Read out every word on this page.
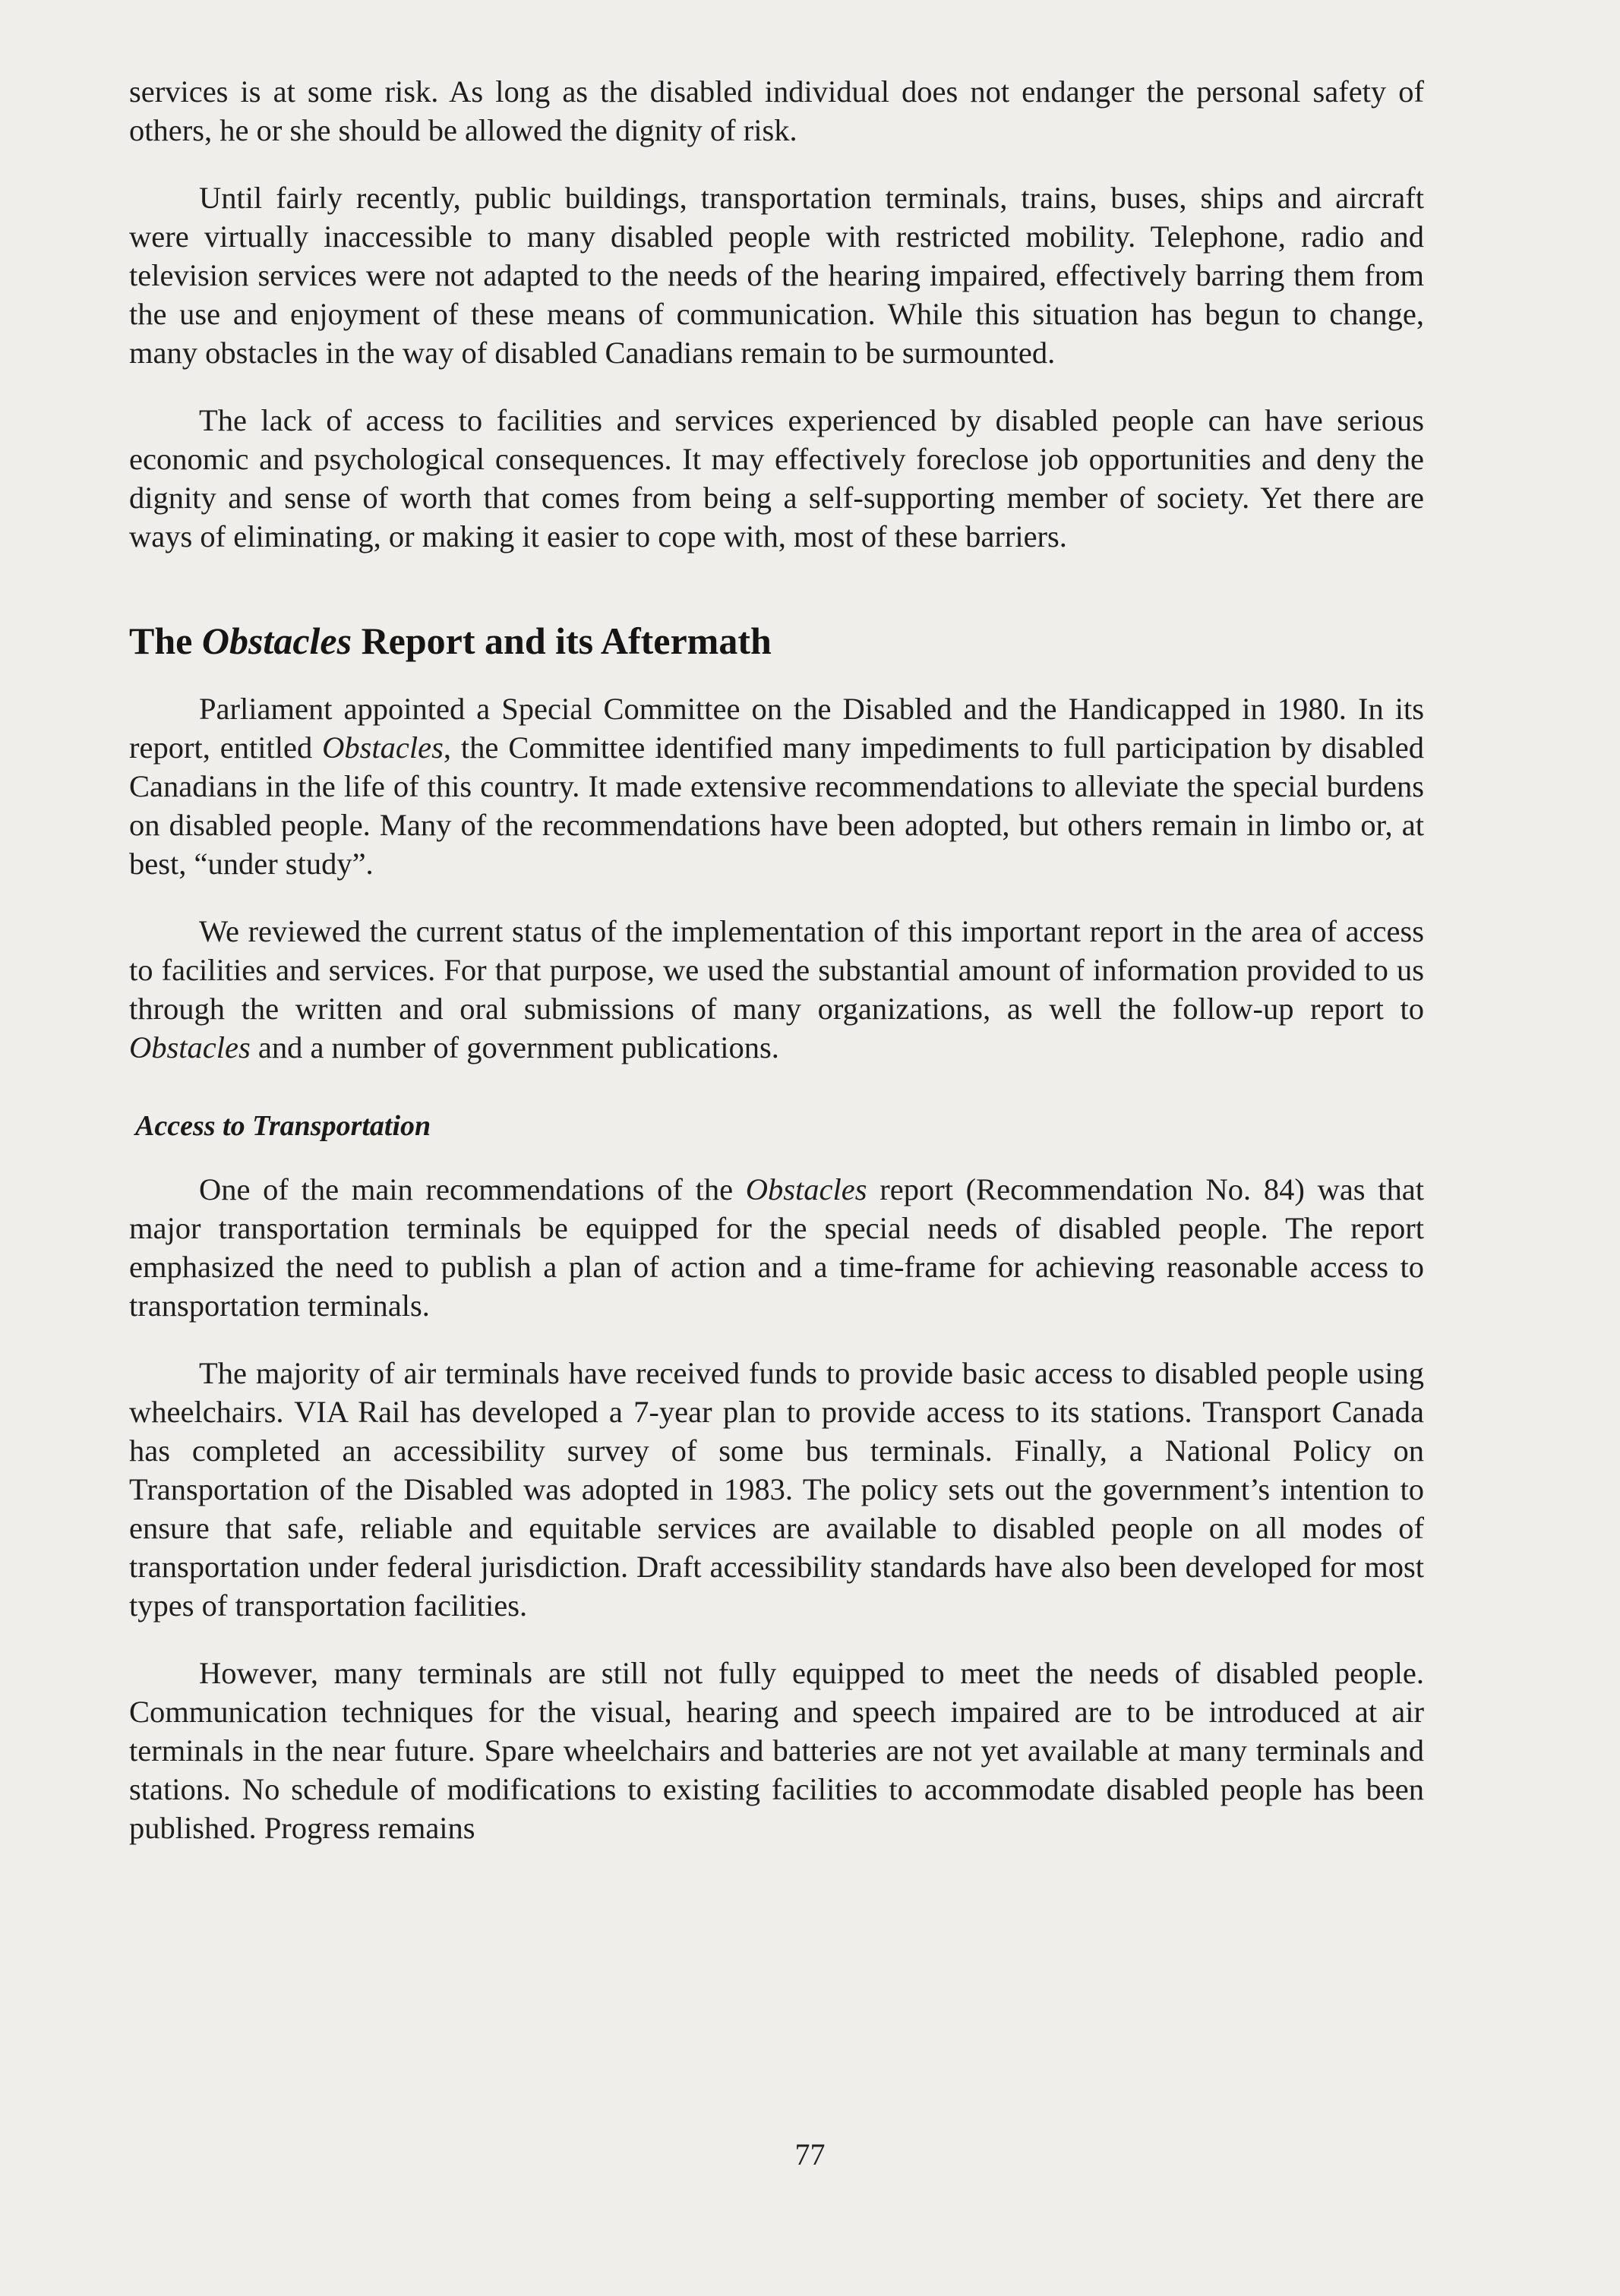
services is at some risk. As long as the disabled individual does not endanger the personal safety of others, he or she should be allowed the dignity of risk.

Until fairly recently, public buildings, transportation terminals, trains, buses, ships and aircraft were virtually inaccessible to many disabled people with restricted mobility. Telephone, radio and television services were not adapted to the needs of the hearing impaired, effectively barring them from the use and enjoyment of these means of communication. While this situation has begun to change, many obstacles in the way of disabled Canadians remain to be surmounted.

The lack of access to facilities and services experienced by disabled people can have serious economic and psychological consequences. It may effectively foreclose job opportunities and deny the dignity and sense of worth that comes from being a self-supporting member of society. Yet there are ways of eliminating, or making it easier to cope with, most of these barriers.

The Obstacles Report and its Aftermath

Parliament appointed a Special Committee on the Disabled and the Handicapped in 1980. In its report, entitled Obstacles, the Committee identified many impediments to full participation by disabled Canadians in the life of this country. It made extensive recommendations to alleviate the special burdens on disabled people. Many of the recommendations have been adopted, but others remain in limbo or, at best, “under study”.

We reviewed the current status of the implementation of this important report in the area of access to facilities and services. For that purpose, we used the substantial amount of information provided to us through the written and oral submissions of many organizations, as well the follow-up report to Obstacles and a number of government publications.

Access to Transportation

One of the main recommendations of the Obstacles report (Recommendation No. 84) was that major transportation terminals be equipped for the special needs of disabled people. The report emphasized the need to publish a plan of action and a time-frame for achieving reasonable access to transportation terminals.

The majority of air terminals have received funds to provide basic access to disabled people using wheelchairs. VIA Rail has developed a 7-year plan to provide access to its stations. Transport Canada has completed an accessibility survey of some bus terminals. Finally, a National Policy on Transportation of the Disabled was adopted in 1983. The policy sets out the government’s intention to ensure that safe, reliable and equitable services are available to disabled people on all modes of transportation under federal jurisdiction. Draft accessibility standards have also been developed for most types of transportation facilities.

However, many terminals are still not fully equipped to meet the needs of disabled people. Communication techniques for the visual, hearing and speech impaired are to be introduced at air terminals in the near future. Spare wheelchairs and batteries are not yet available at many terminals and stations. No schedule of modifications to existing facilities to accommodate disabled people has been published. Progress remains

77
